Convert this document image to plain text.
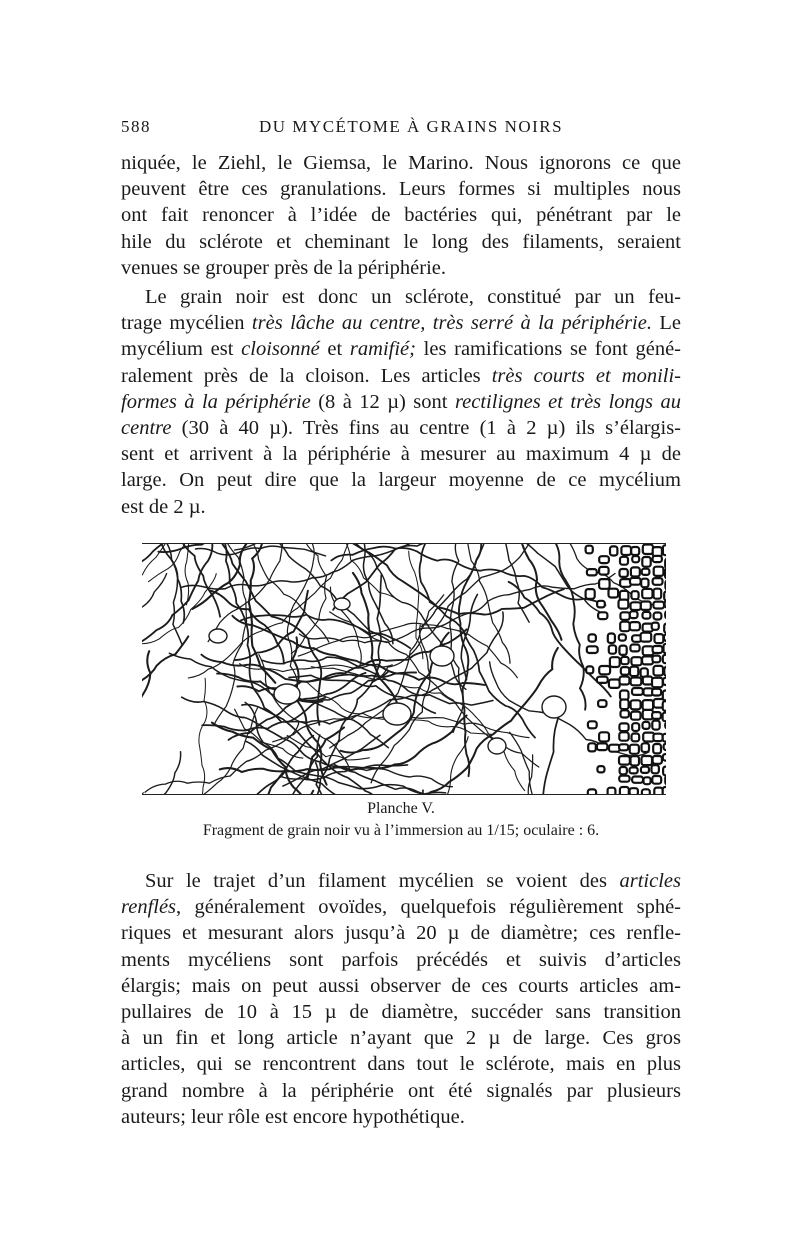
588	DU MYCÉTOME À GRAINS NOIRS
niquée, le Ziehl, le Giemsa, le Marino. Nous ignorons ce que
peuvent être ces granulations. Leurs formes si multiples nous
ont fait renoncer à l’idée de bactéries qui, pénétrant par le
hile du sclérote et cheminant le long des filaments, seraient
venues se grouper près de la périphérie.
Le grain noir est donc un sclérote, constitué par un feu-
trage mycélien très lâche au centre, très serré à la périphérie. Le
mycélium est cloisonné et ramifié; les ramifications se font géné-
ralement près de la cloison. Les articles très courts et monili-
formes à la périphérie (8 à 12 µ) sont rectilignes et très longs au
centre (30 à 40 µ). Très fins au centre (1 à 2 µ) ils s’élargis-
sent et arrivent à la périphérie à mesurer au maximum 4 µ de
large. On peut dire que la largeur moyenne de ce mycélium
est de 2 µ.
Planche V.
Fragment de grain noir vu à l’immersion au 1/15; oculaire : 6.
Sur le trajet d’un filament mycélien se voient des articles
renflés, généralement ovoïdes, quelquefois régulièrement sphé-
riques et mesurant alors jusqu’à 20 µ de diamètre; ces renfle-
ments mycéliens sont parfois précédés et suivis d’articles
élargis; mais on peut aussi observer de ces courts articles am-
pullaires de 10 à 15 µ de diamètre, succéder sans transition
à un fin et long article n’ayant que 2 µ de large. Ces gros
articles, qui se rencontrent dans tout le sclérote, mais en plus
grand nombre à la périphérie ont été signalés par plusieurs
auteurs; leur rôle est encore hypothétique.
